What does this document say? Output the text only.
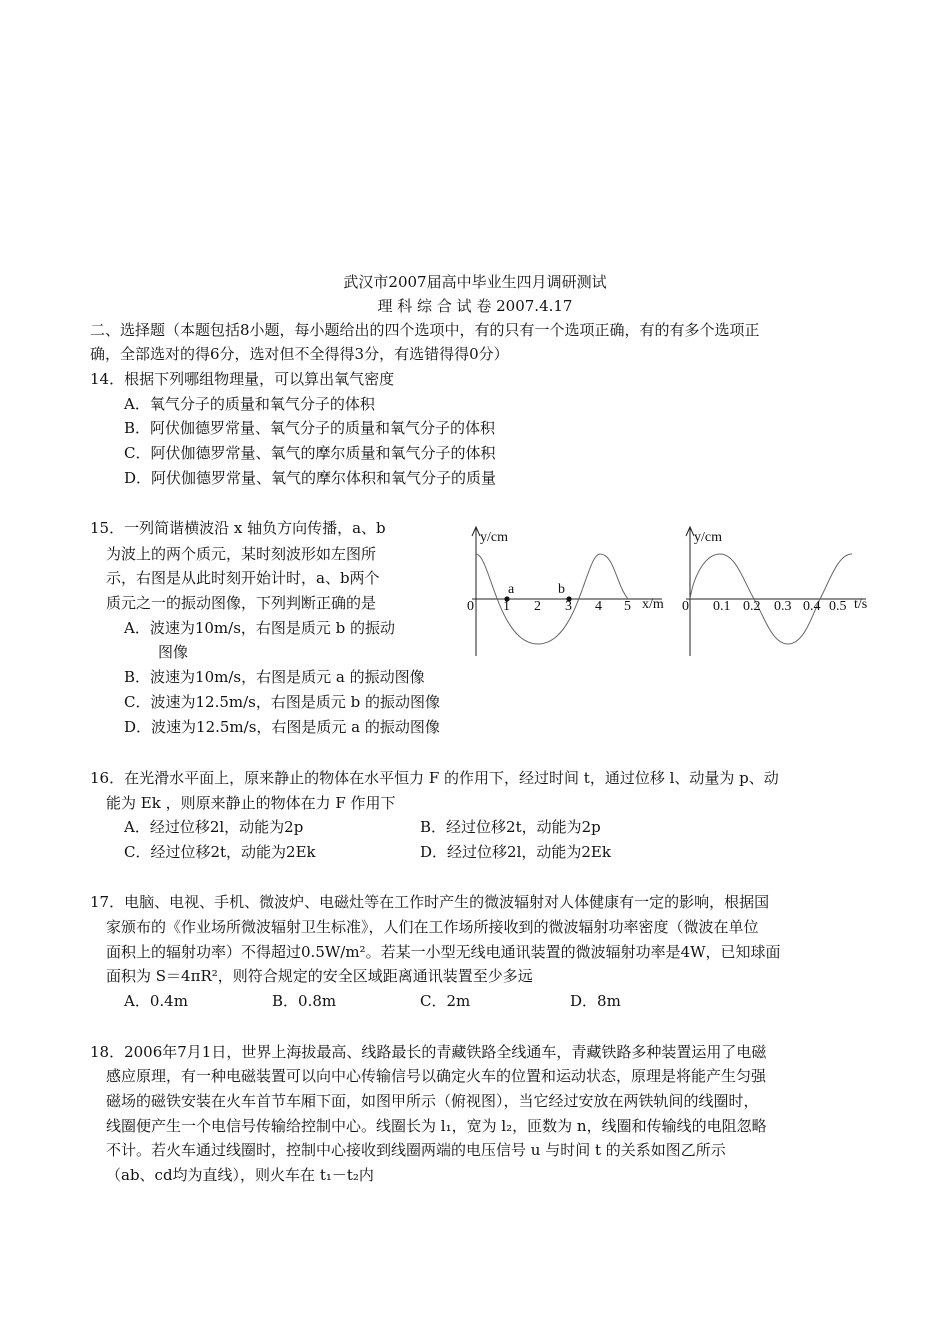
武汉市2007届高中毕业生四月调研测试
理 科 综 合 试 卷 2007.4.17
二、选择题（本题包括8小题，每小题给出的四个选项中，有的只有一个选项正确，有的有多个选项正
确，全部选对的得6分，选对但不全得得3分，有选错得得0分）
14．根据下列哪组物理量，可以算出氧气密度
A．氧气分子的质量和氧气分子的体积
B．阿伏伽德罗常量、氧气分子的质量和氧气分子的体积
C．阿伏伽德罗常量、氧气的摩尔质量和氧气分子的体积
D．阿伏伽德罗常量、氧气的摩尔体积和氧气分子的质量
15．一列简谐横波沿 x 轴负方向传播，a、b
为波上的两个质元，某时刻波形如左图所
示，右图是从此时刻开始计时，a、b两个
质元之一的振动图像，下列判断正确的是
A．波速为10m/s，右图是质元 b 的振动
图像
B．波速为10m/s，右图是质元 a 的振动图像
C．波速为12.5m/s，右图是质元 b 的振动图像
D．波速为12.5m/s，右图是质元 a 的振动图像
y/cm
a	b
0 1 2 3 4 5 x/m
y/cm
0 0.1 0.2 0.3 0.4 0.5 t/s
16．在光滑水平面上，原来静止的物体在水平恒力 F 的作用下，经过时间 t，通过位移 l、动量为 p、动
能为 Ek ，则原来静止的物体在力 F 作用下
A．经过位移2l，动能为2p	B．经过位移2t，动能为2p
C．经过位移2t，动能为2Ek	D．经过位移2l，动能为2Ek
17．电脑、电视、手机、微波炉、电磁灶等在工作时产生的微波辐射对人体健康有一定的影响，根据国
家颁布的《作业场所微波辐射卫生标准》，人们在工作场所接收到的微波辐射功率密度（微波在单位
面积上的辐射功率）不得超过0.5W/m²。若某一小型无线电通讯装置的微波辐射功率是4W，已知球面
面积为 S＝4πR²，则符合规定的安全区域距离通讯装置至少多远
A．0.4m	B．0.8m	C．2m	D．8m
18．2006年7月1日，世界上海拔最高、线路最长的青藏铁路全线通车，青藏铁路多种装置运用了电磁
感应原理，有一种电磁装置可以向中心传输信号以确定火车的位置和运动状态，原理是将能产生匀强
磁场的磁铁安装在火车首节车厢下面，如图甲所示（俯视图），当它经过安放在两铁轨间的线圈时，
线圈便产生一个电信号传输给控制中心。线圈长为 l₁，宽为 l₂，匝数为 n，线圈和传输线的电阻忽略
不计。若火车通过线圈时，控制中心接收到线圈两端的电压信号 u 与时间 t 的关系如图乙所示
（ab、cd均为直线），则火车在 t₁－t₂内
